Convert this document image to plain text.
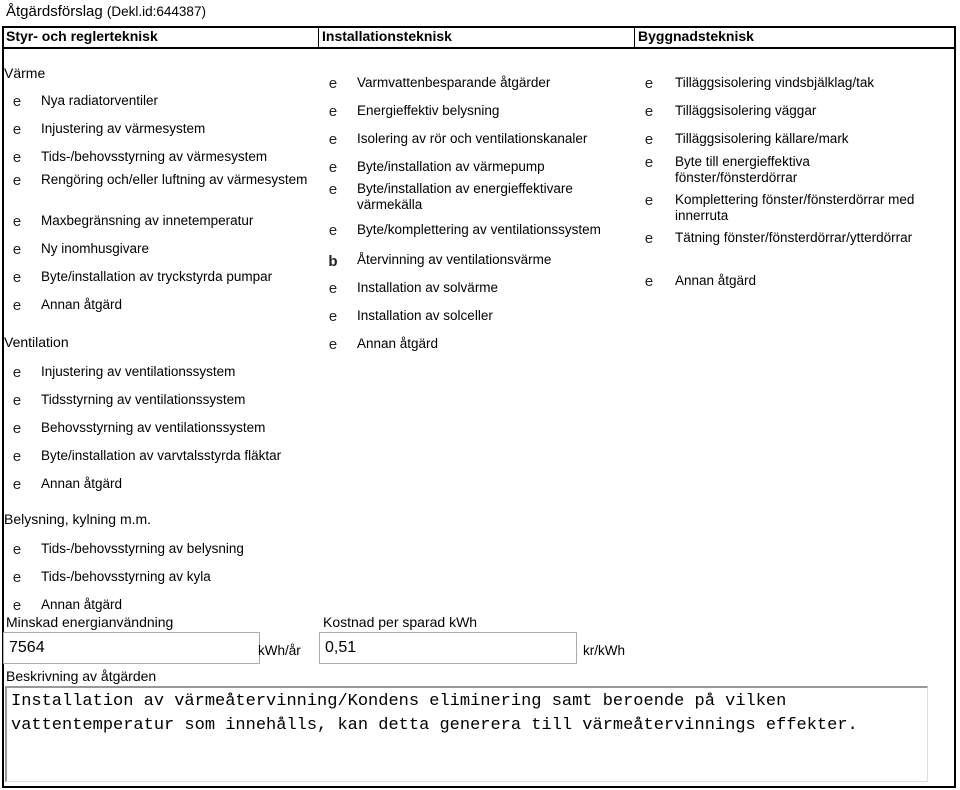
Åtgärdsförslag (Dekl.id:644387)
Styr- och reglerteknisk	Installationsteknisk	Byggnadsteknisk
Värme
e Nya radiatorventiler
e Injustering av värmesystem
e Tids-/behovsstyrning av värmesystem
e Rengöring och/eller luftning av värmesystem
e Maxbegränsning av innetemperatur
e Ny inomhusgivare
e Byte/installation av tryckstyrda pumpar
e Annan åtgärd
Ventilation
e Injustering av ventilationssystem
e Tidsstyrning av ventilationssystem
e Behovsstyrning av ventilationssystem
e Byte/installation av varvtalsstyrda fläktar
e Annan åtgärd
Belysning, kylning m.m.
e Tids-/behovsstyrning av belysning
e Tids-/behovsstyrning av kyla
e Annan åtgärd
e Varmvattenbesparande åtgärder
e Energieffektiv belysning
e Isolering av rör och ventilationskanaler
e Byte/installation av värmepump
e Byte/installation av energieffektivare värmekälla
e Byte/komplettering av ventilationssystem
b Återvinning av ventilationsvärme
e Installation av solvärme
e Installation av solceller
e Annan åtgärd
e Tilläggsisolering vindsbjälklag/tak
e Tilläggsisolering väggar
e Tilläggsisolering källare/mark
e Byte till energieffektiva fönster/fönsterdörrar
e Komplettering fönster/fönsterdörrar med innerruta
e Tätning fönster/fönsterdörrar/ytterdörrar
e Annan åtgärd
Minskad energianvändning
7564	kWh/år
Kostnad per sparad kWh
0,51	kr/kWh
Beskrivning av åtgärden
Installation av värmeåtervinning/Kondens eliminering samt beroende på vilken vattentemperatur som innehålls, kan detta generera till värmeåtervinnings effekter.
